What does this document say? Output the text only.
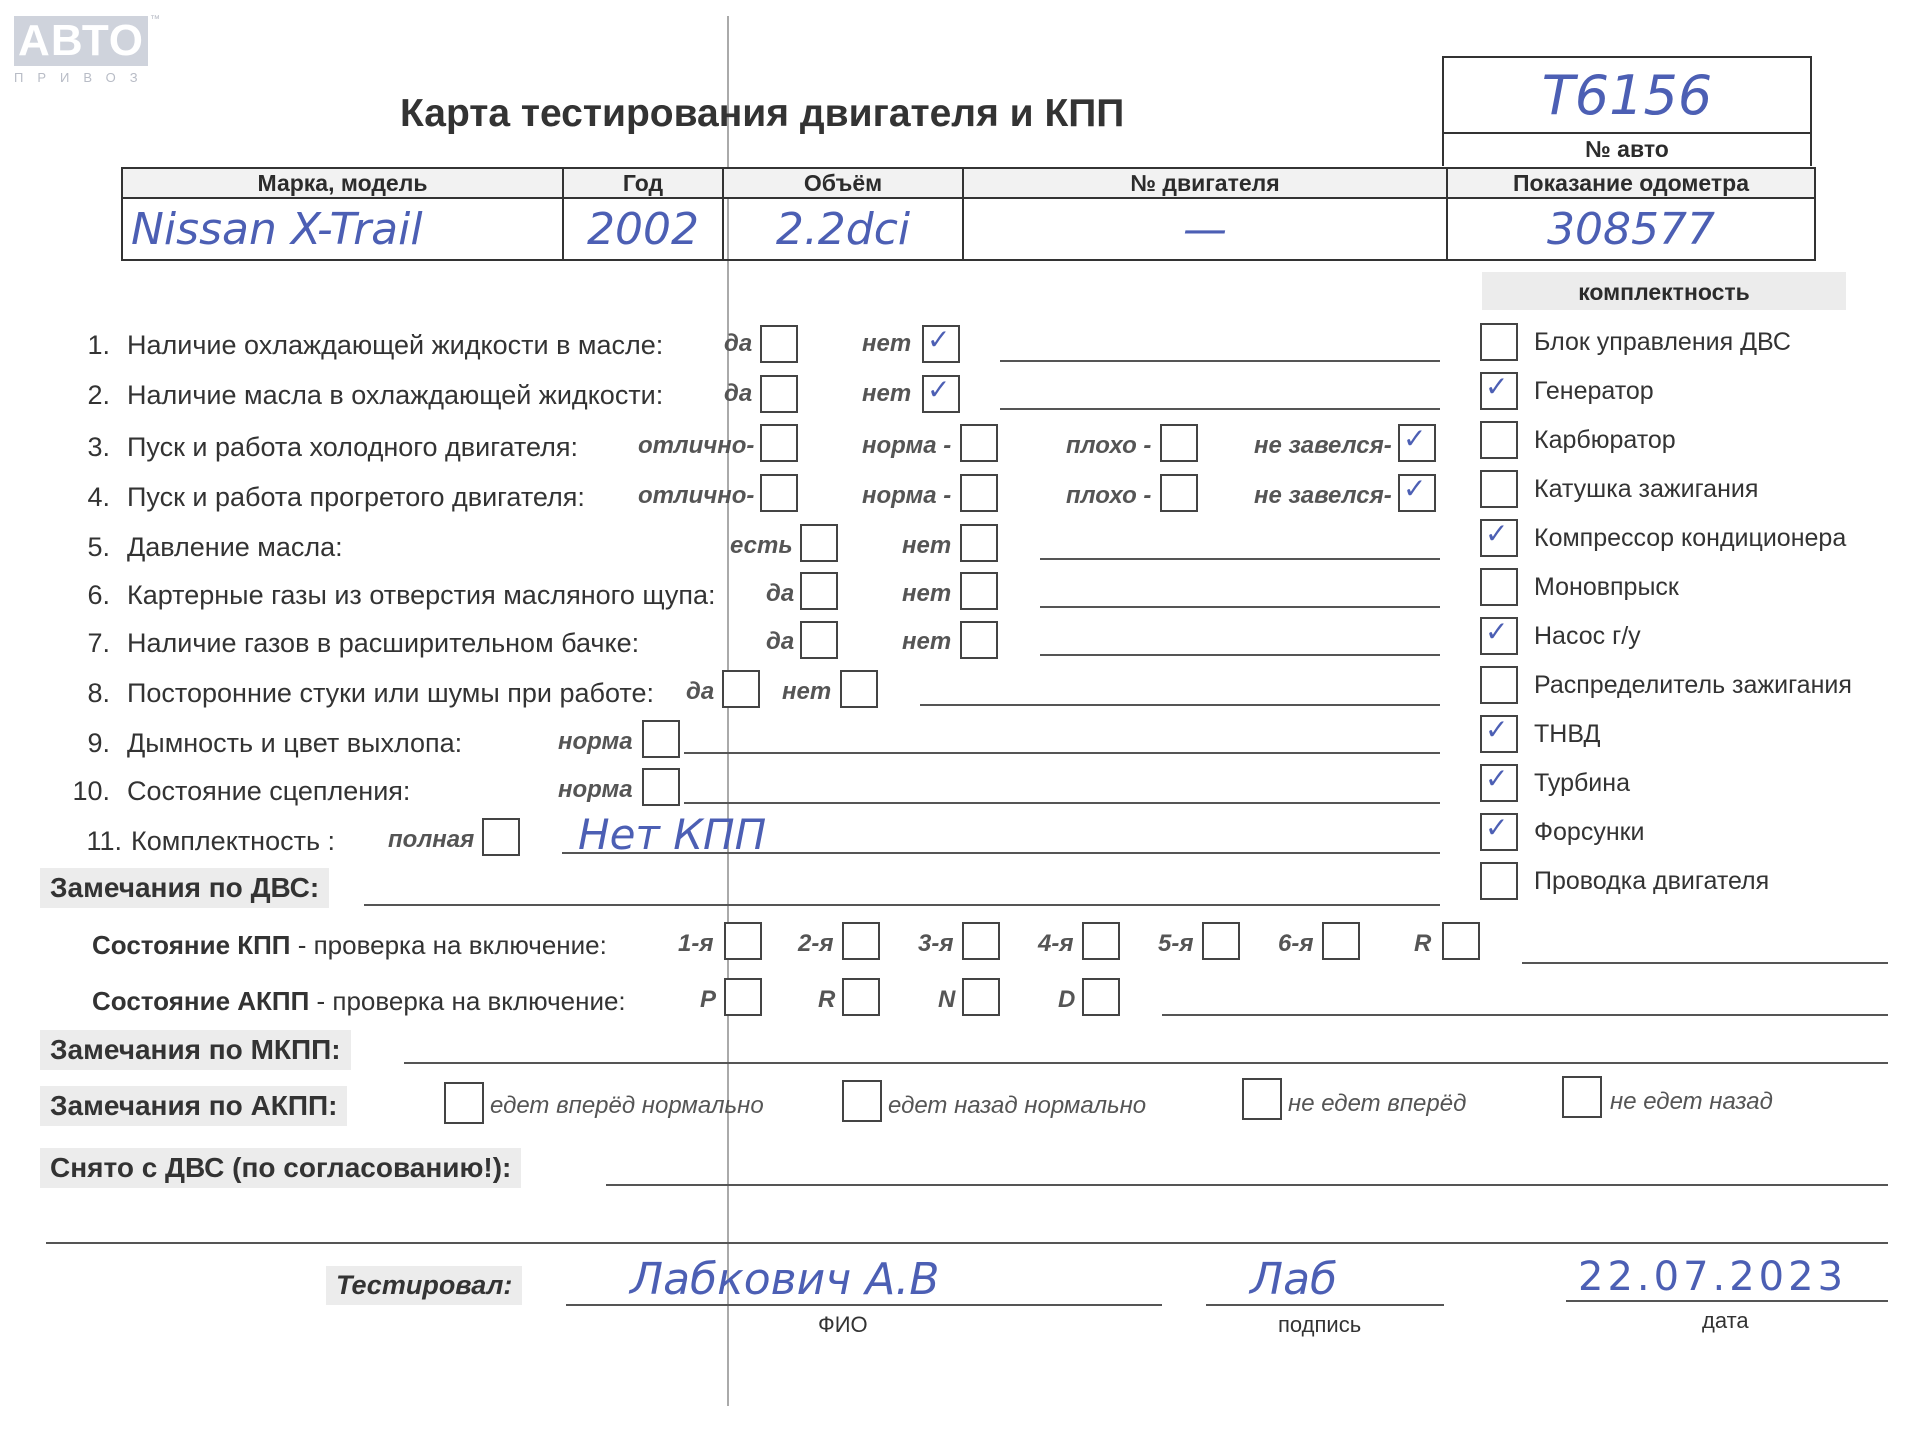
АВТО ™
ПРИВОЗ
Карта тестирования двигателя и КПП	Т6156
№ авто
Марка, модель	Год	Объём	№ двигателя	Показание одометра
Nissan X-Trail	2002	2.2dci	—	308577
1. Наличие охлаждающей жидкости в масле:	да	нет ✓
2. Наличие масла в охлаждающей жидкости:	да	нет ✓
3. Пуск и работа холодного двигателя:	отлично-	норма -	плохо -	не завелся- ✓
4. Пуск и работа прогретого двигателя: отлично-	норма -	плохо -	не завелся- ✓
5. Давление масла:	есть	нет
6. Картерные газы из отверстия масляного щупа: да	нет
7. Наличие газов в расширительном бачке:	да	нет
8. Посторонние стуки или шумы при работе: да	нет
9. Дымность и цвет выхлопа:	норма
10. Состояние сцепления:	норма
11. Комплектность : полная Нет КПП
комплектность
Блок управления ДВС
✓ Генератор
Карбюратор
Катушка зажигания
✓ Компрессор кондиционера
Моновпрыск
✓ Насос г/у
Распределитель зажигания
✓ ТНВД
✓ Турбина
✓ Форсунки
Проводка двигателя
Замечания по ДВС:
Состояние КПП - проверка на включение:	1-я	2-я	3-я	4-я	5-я	6-я	R
Состояние АКПП - проверка на включение:	P	R	N	D
Замечания по МКПП:
Замечания по АКПП:	едет вперёд нормально	едет назад нормально	не едет вперёд	не едет назад
Снято с ДВС (по согласованию!):
Тестировал:	Лабкович А.В
ФИО
Лаб
подпись
22.07.2023
дата
